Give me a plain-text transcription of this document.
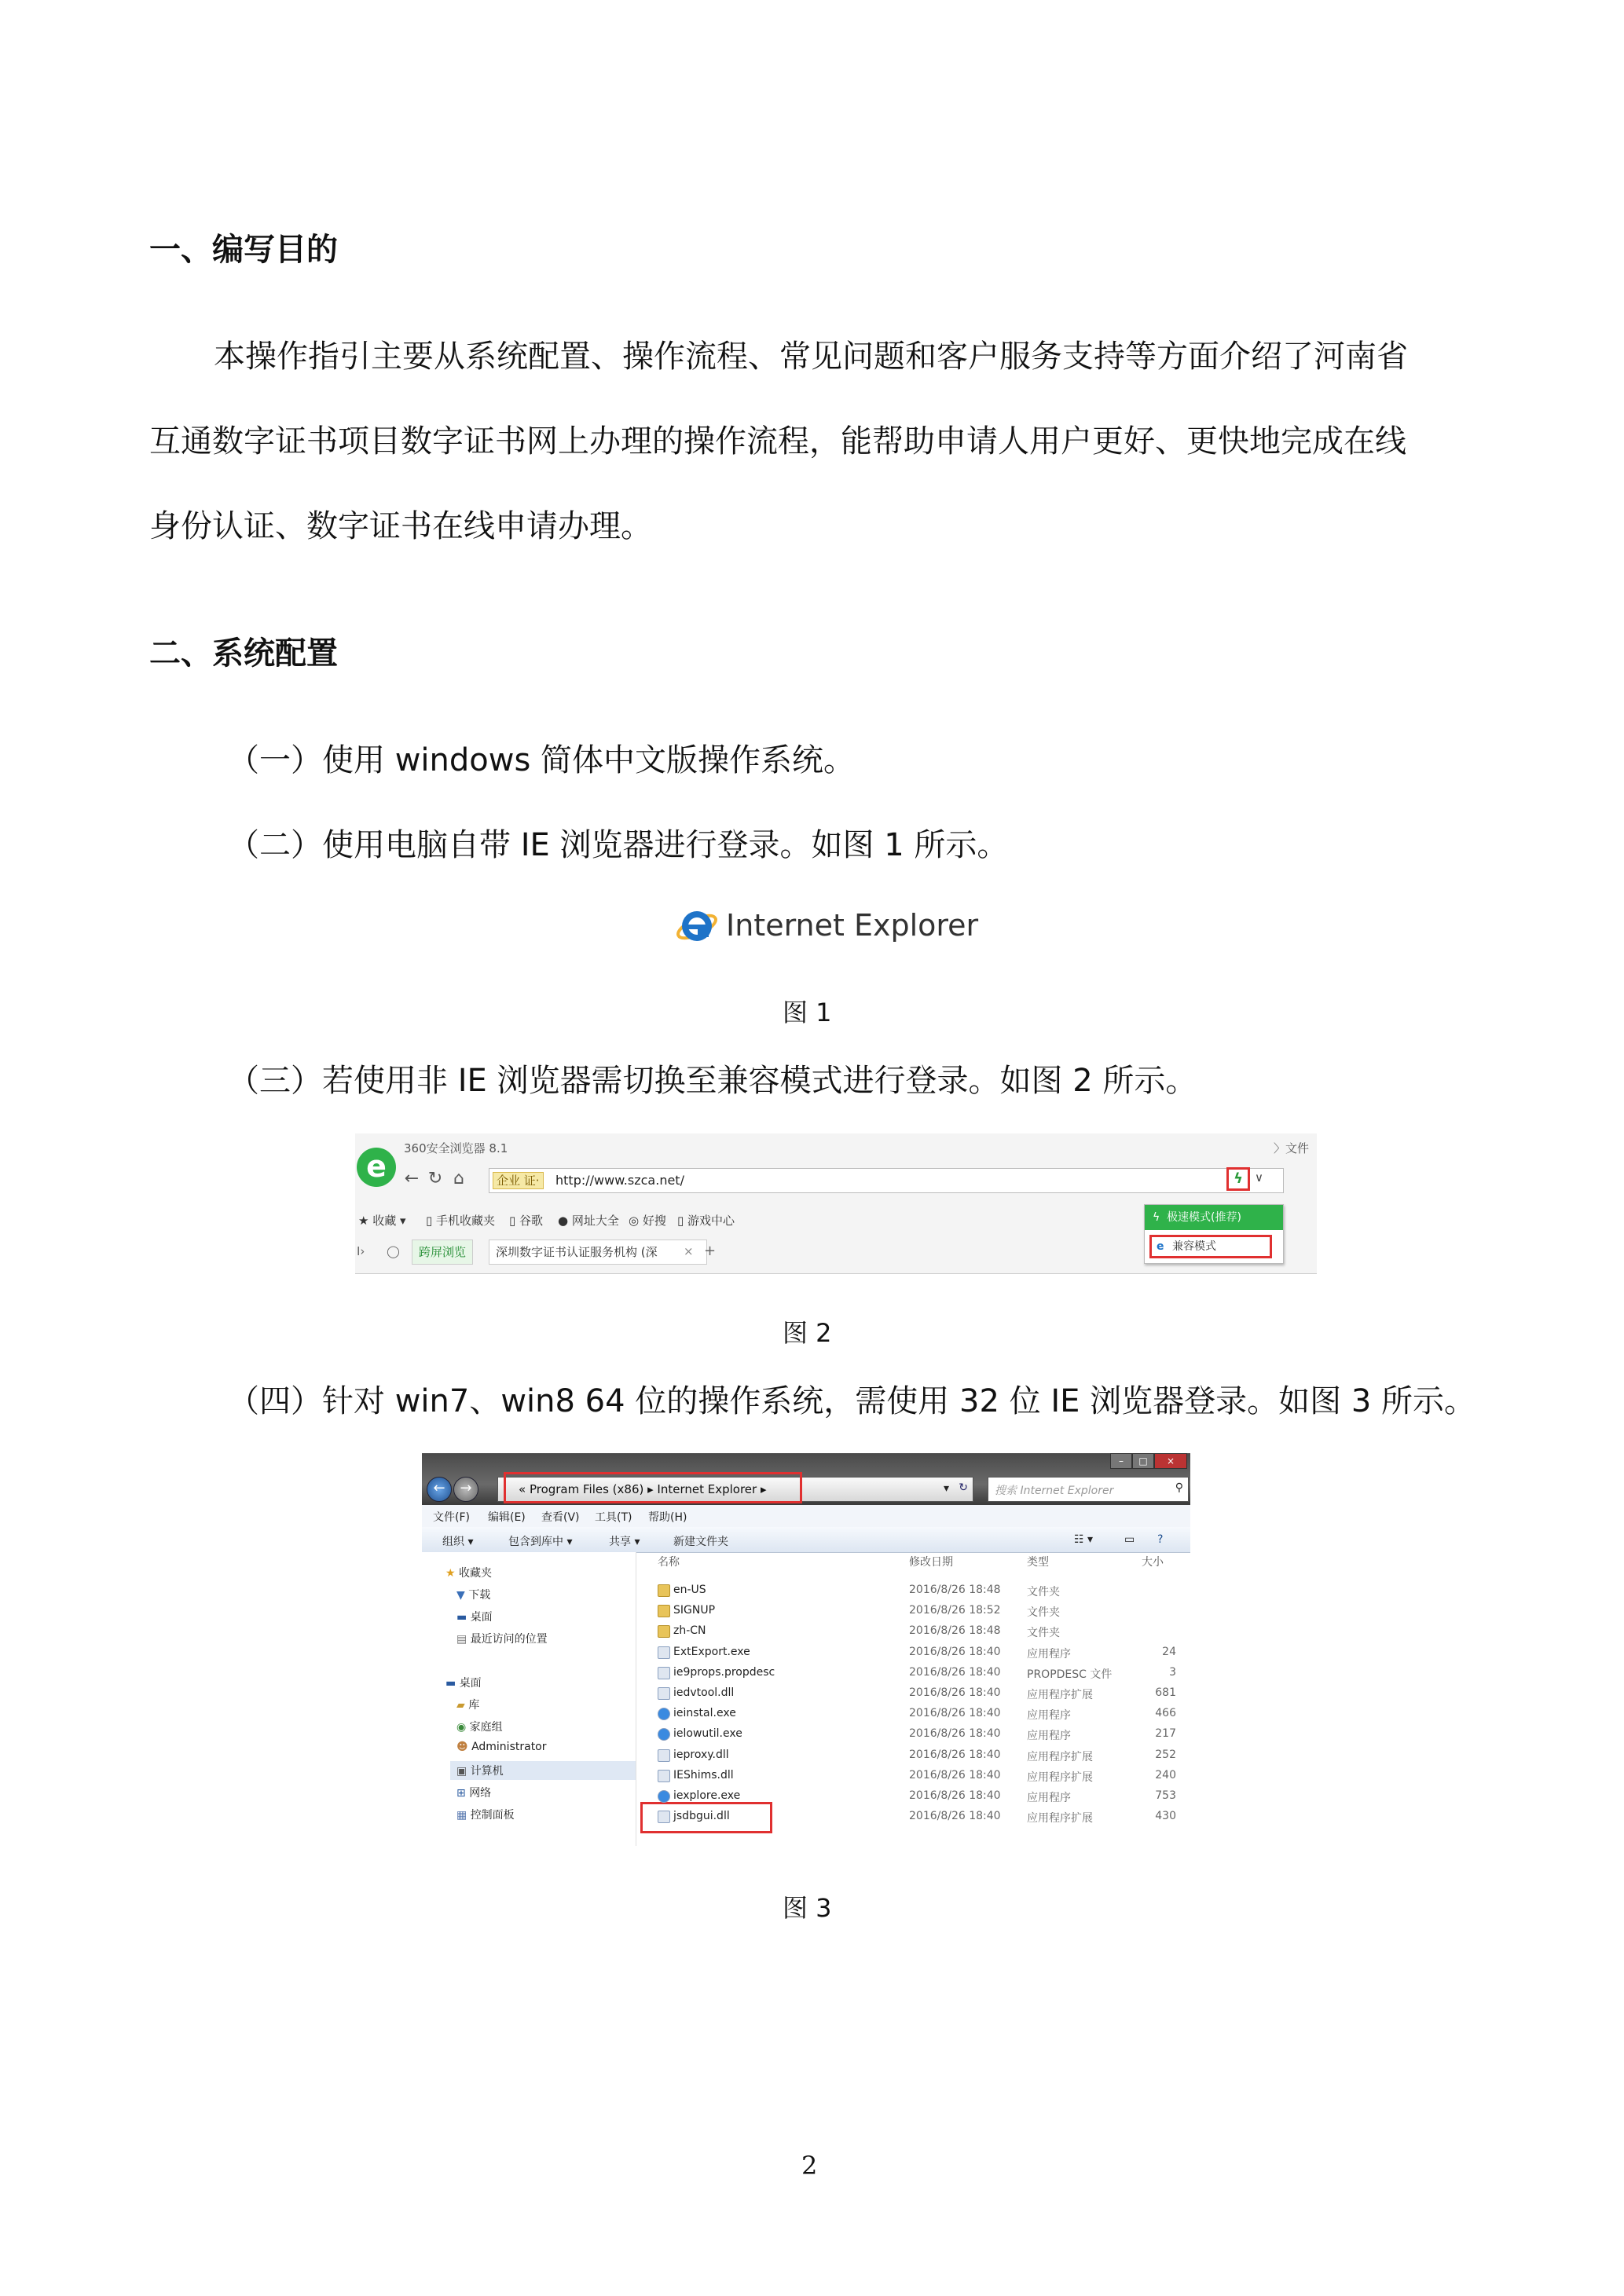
一、编写目的
本操作指引主要从系统配置、操作流程、常见问题和客户服务支持等方面介绍了河南省
互通数字证书项目数字证书网上办理的操作流程，能帮助申请人用户更好、更快地完成在线
身份认证、数字证书在线申请办理。
二、系统配置
（一）使用 windows 简体中文版操作系统。
（二）使用电脑自带 IE 浏览器进行登录。如图 1 所示。
Internet Explorer
图 1
（三）若使用非 IE 浏览器需切换至兼容模式进行登录。如图 2 所示。
360安全浏览器 8.1	〉文件
e	← ↻ ⌂	企业 证·	http://www.szca.net/	ϟ	∨
★ 收藏 ▾ ▯ 手机收藏夹 ▯ 谷歌 ● 网址大全 ◎ 好搜 ▯ 游戏中心
I› ◯	跨屏浏览	深圳数字证书认证服务机构 (深	× +
ϟ 极速模式(推荐)
e 兼容模式
图 2
（四）针对 win7、win8 64 位的操作系统，需使用 32 位 IE 浏览器登录。如图 3 所示。
–	□	×
←	→	« Program Files (x86) ▸ Internet Explorer ▸	▾ ↻ 搜索 Internet Explorer	⚲
文件(F) 编辑(E) 查看(V) 工具(T) 帮助(H)
组织 ▾	包含到库中 ▾	共享 ▾	新建文件夹	☷ ▾	▭ ?
★ 收藏夹
▼ 下载
▬ 桌面
▤ 最近访问的位置
▬ 桌面
▰ 库
◉ 家庭组
☻ Administrator
▣ 计算机
⊞ 网络
▦ 控制面板
名称	修改日期	类型	大小
en-US	2016/8/26 18:48 文件夹
SIGNUP	2016/8/26 18:52 文件夹
zh-CN	2016/8/26 18:48 文件夹
ExtExport.exe	2016/8/26 18:40 应用程序	24
ie9props.propdesc	2016/8/26 18:40 PROPDESC 文件	3
iedvtool.dll	2016/8/26 18:40 应用程序扩展	681
ieinstal.exe	2016/8/26 18:40 应用程序	466
ielowutil.exe	2016/8/26 18:40 应用程序	217
ieproxy.dll	2016/8/26 18:40 应用程序扩展	252
IEShims.dll	2016/8/26 18:40 应用程序扩展	240
iexplore.exe	2016/8/26 18:40 应用程序	753
jsdbgui.dll	2016/8/26 18:40 应用程序扩展	430
图 3
2
